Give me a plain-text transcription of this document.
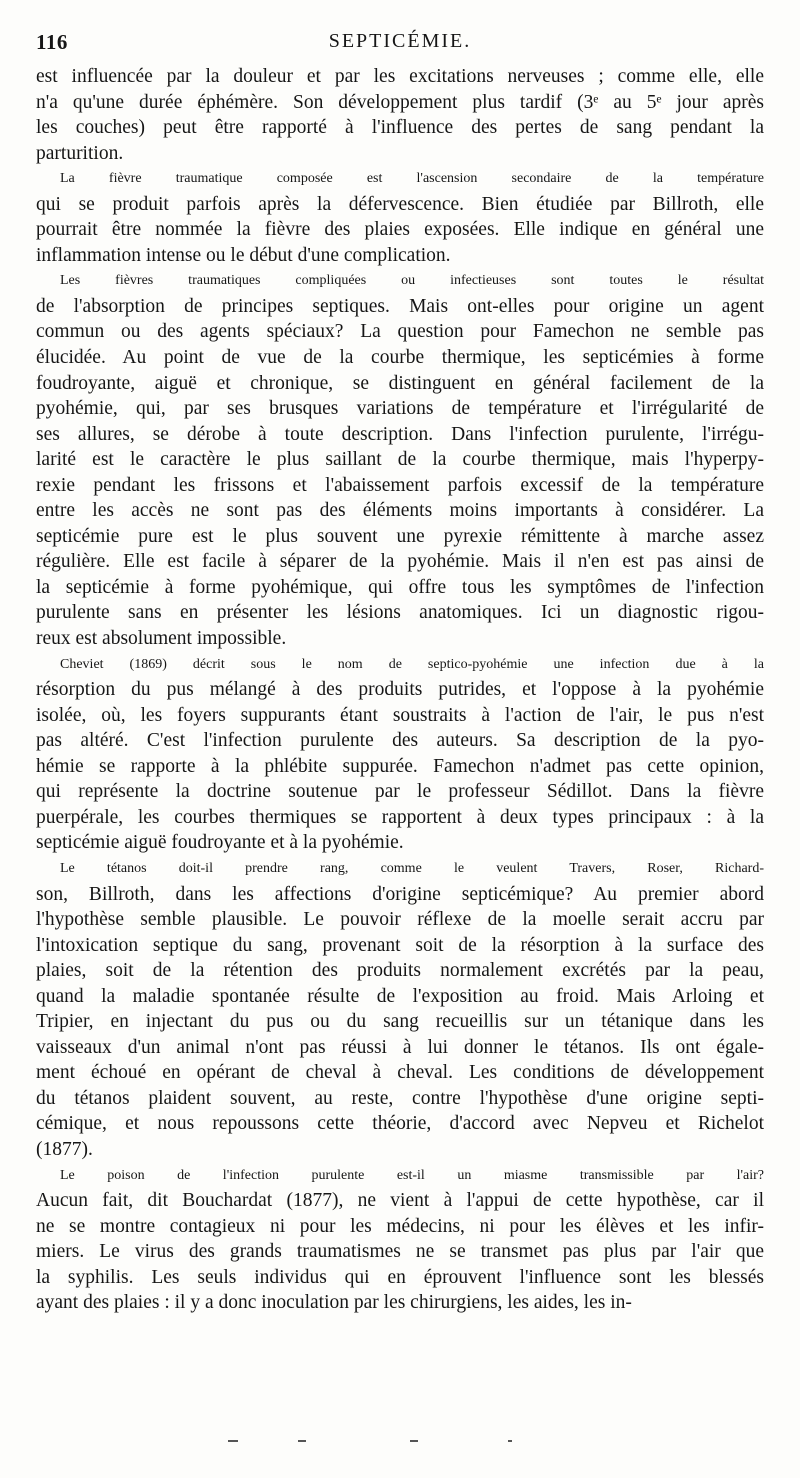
116	SEPTICÉMIE.

est influencée par la douleur et par les excitations nerveuses ; comme elle, elle
n'a qu'une durée éphémère. Son développement plus tardif (3ᵉ au 5ᵉ jour après
les couches) peut être rapporté à l'influence des pertes de sang pendant la
parturition.

La fièvre traumatique composée est l'ascension secondaire de la température
qui se produit parfois après la défervescence. Bien étudiée par Billroth, elle
pourrait être nommée la fièvre des plaies exposées. Elle indique en général une
inflammation intense ou le début d'une complication.

Les fièvres traumatiques compliquées ou infectieuses sont toutes le résultat
de l'absorption de principes septiques. Mais ont-elles pour origine un agent
commun ou des agents spéciaux? La question pour Famechon ne semble pas
élucidée. Au point de vue de la courbe thermique, les septicémies à forme
foudroyante, aiguë et chronique, se distinguent en général facilement de la
pyohémie, qui, par ses brusques variations de température et l'irrégularité de
ses allures, se dérobe à toute description. Dans l'infection purulente, l'irrégu-
larité est le caractère le plus saillant de la courbe thermique, mais l'hyperpy-
rexie pendant les frissons et l'abaissement parfois excessif de la température
entre les accès ne sont pas des éléments moins importants à considérer. La
septicémie pure est le plus souvent une pyrexie rémittente à marche assez
régulière. Elle est facile à séparer de la pyohémie. Mais il n'en est pas ainsi de
la septicémie à forme pyohémique, qui offre tous les symptômes de l'infection
purulente sans en présenter les lésions anatomiques. Ici un diagnostic rigou-
reux est absolument impossible.

Cheviet (1869) décrit sous le nom de septico-pyohémie une infection due à la
résorption du pus mélangé à des produits putrides, et l'oppose à la pyohémie
isolée, où, les foyers suppurants étant soustraits à l'action de l'air, le pus n'est
pas altéré. C'est l'infection purulente des auteurs. Sa description de la pyo-
hémie se rapporte à la phlébite suppurée. Famechon n'admet pas cette opinion,
qui représente la doctrine soutenue par le professeur Sédillot. Dans la fièvre
puerpérale, les courbes thermiques se rapportent à deux types principaux : à la
septicémie aiguë foudroyante et à la pyohémie.

Le tétanos doit-il prendre rang, comme le veulent Travers, Roser, Richard-
son, Billroth, dans les affections d'origine septicémique? Au premier abord
l'hypothèse semble plausible. Le pouvoir réflexe de la moelle serait accru par
l'intoxication septique du sang, provenant soit de la résorption à la surface des
plaies, soit de la rétention des produits normalement excrétés par la peau,
quand la maladie spontanée résulte de l'exposition au froid. Mais Arloing et
Tripier, en injectant du pus ou du sang recueillis sur un tétanique dans les
vaisseaux d'un animal n'ont pas réussi à lui donner le tétanos. Ils ont égale-
ment échoué en opérant de cheval à cheval. Les conditions de développement
du tétanos plaident souvent, au reste, contre l'hypothèse d'une origine septi-
cémique, et nous repoussons cette théorie, d'accord avec Nepveu et Richelot
(1877).

Le poison de l'infection purulente est-il un miasme transmissible par l'air?
Aucun fait, dit Bouchardat (1877), ne vient à l'appui de cette hypothèse, car il
ne se montre contagieux ni pour les médecins, ni pour les élèves et les infir-
miers. Le virus des grands traumatismes ne se transmet pas plus par l'air que
la syphilis. Les seuls individus qui en éprouvent l'influence sont les blessés
ayant des plaies : il y a donc inoculation par les chirurgiens, les aides, les in-
